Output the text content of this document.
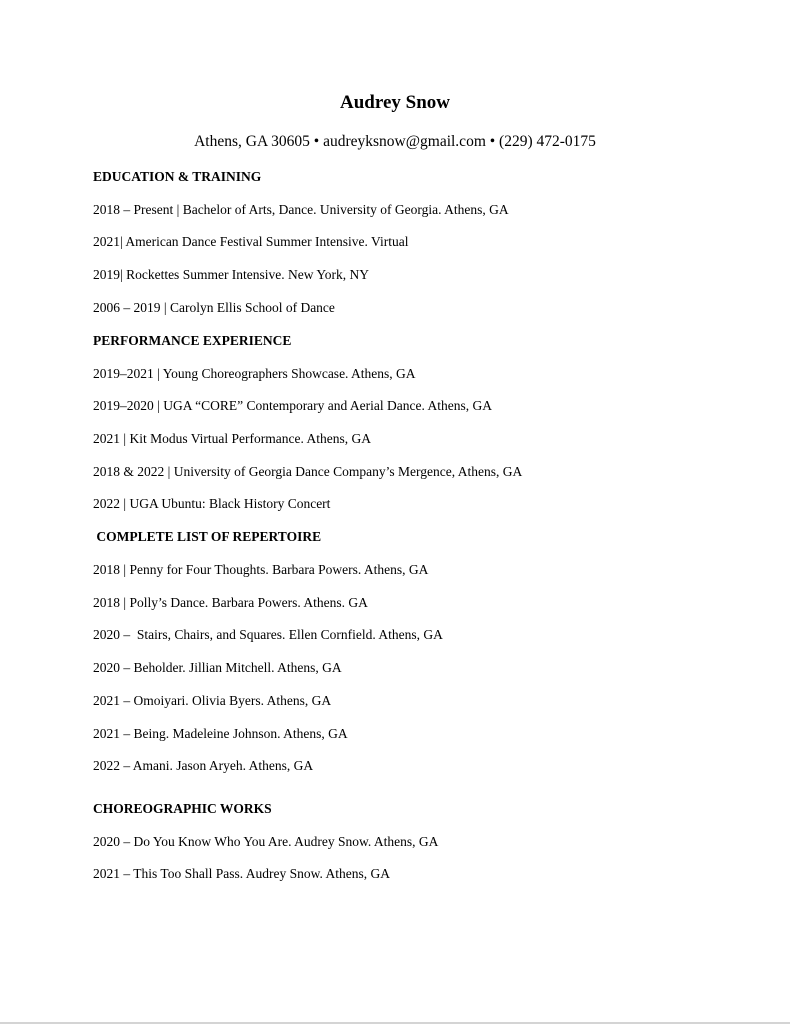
Audrey Snow
Athens, GA 30605 • audreyksnow@gmail.com • (229) 472-0175
EDUCATION & TRAINING
2018 – Present | Bachelor of Arts, Dance. University of Georgia. Athens, GA
2021| American Dance Festival Summer Intensive. Virtual
2019| Rockettes Summer Intensive. New York, NY
2006 – 2019 | Carolyn Ellis School of Dance
PERFORMANCE EXPERIENCE
2019–2021 | Young Choreographers Showcase. Athens, GA
2019–2020 | UGA “CORE” Contemporary and Aerial Dance. Athens, GA
2021 | Kit Modus Virtual Performance. Athens, GA
2018 & 2022 | University of Georgia Dance Company’s Mergence, Athens, GA
2022 | UGA Ubuntu: Black History Concert
COMPLETE LIST OF REPERTOIRE
2018 | Penny for Four Thoughts. Barbara Powers. Athens, GA
2018 | Polly’s Dance. Barbara Powers. Athens. GA
2020 –  Stairs, Chairs, and Squares. Ellen Cornfield. Athens, GA
2020 – Beholder. Jillian Mitchell. Athens, GA
2021 – Omoiyari. Olivia Byers. Athens, GA
2021 – Being. Madeleine Johnson. Athens, GA
2022 – Amani. Jason Aryeh. Athens, GA
CHOREOGRAPHIC WORKS
2020 – Do You Know Who You Are. Audrey Snow. Athens, GA
2021 – This Too Shall Pass. Audrey Snow. Athens, GA
